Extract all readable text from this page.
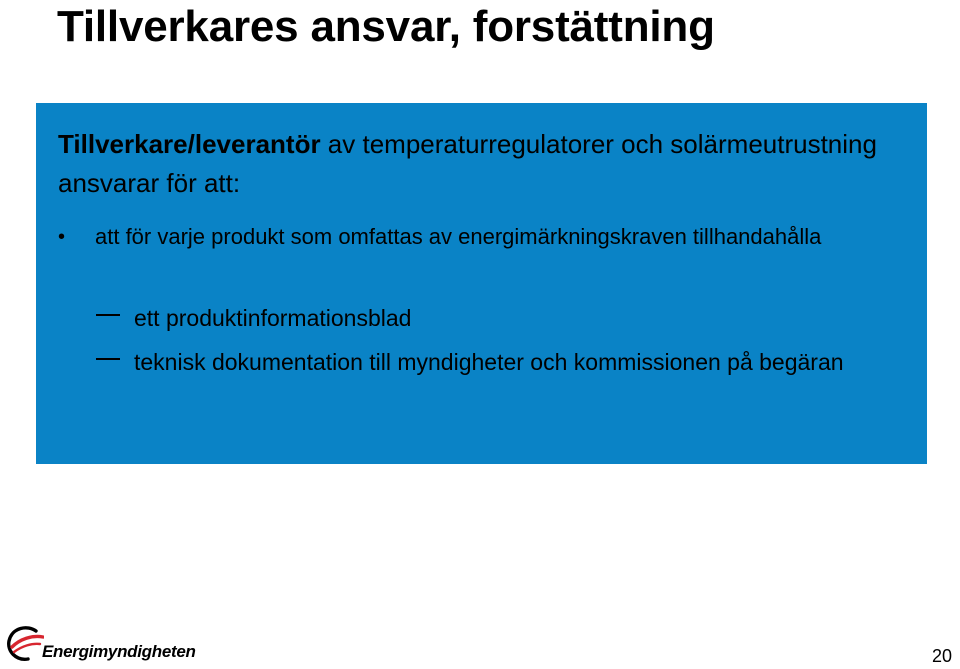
Tillverkares ansvar, forstättning

Tillverkare/leverantör av temperaturregulatorer och solärmeutrustning ansvarar för att:

• att för varje produkt som omfattas av energimärkningskraven tillhandahålla
ett produktinformationsblad
teknisk dokumentation till myndigheter och kommissionen på begäran
Energimyndigheten	20
